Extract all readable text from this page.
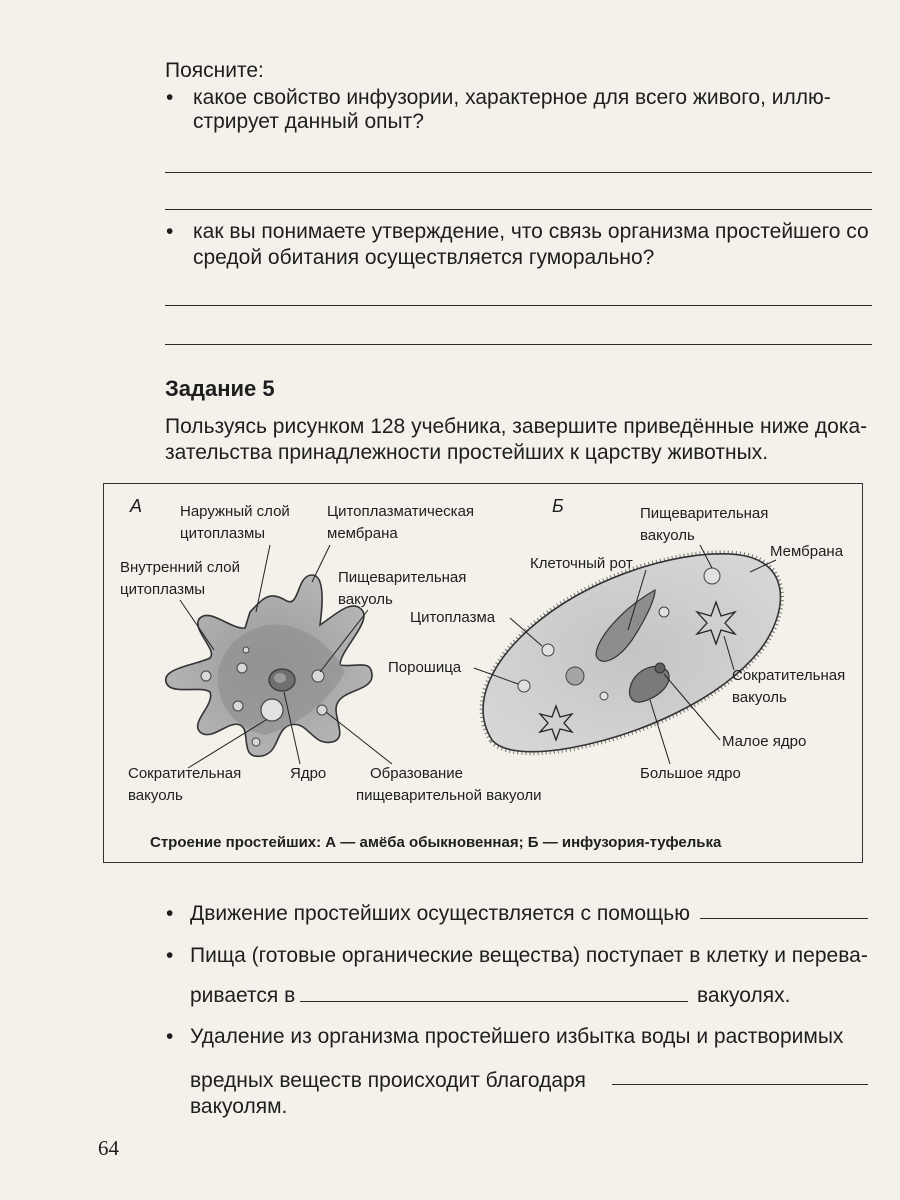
Поясните:
• какое свойство инфузории, характерное для всего живого, иллю-
стрирует данный опыт?
• как вы понимаете утверждение, что связь организма простейшего со
средой обитания осуществляется гуморально?
Задание 5
Пользуясь рисунком 128 учебника, завершите приведённые ниже дока-
зательства принадлежности простейших к царству животных.
А	Б
Наружный слой
цитоплазмы
Цитоплазматическая
мембрана
Внутренний слой
цитоплазмы
Пищеварительная
вакуоль
Сократительная
вакуоль
Ядро	Образование
пищеварительной вакуоли
Пищеварительная
вакуоль
Клеточный рот
Мембрана
Цитоплазма
Порошица	Сократительная
вакуоль
Малое ядро
Большое ядро
Строение простейших: А — амёба обыкновенная; Б — инфузория-туфелька
• Движение простейших осуществляется с помощью
• Пища (готовые органические вещества) поступает в клетку и перева-
ривается в	вакуолях.
• Удаление из организма простейшего избытка воды и растворимых
вредных веществ происходит благодаря
вакуолям.
64
